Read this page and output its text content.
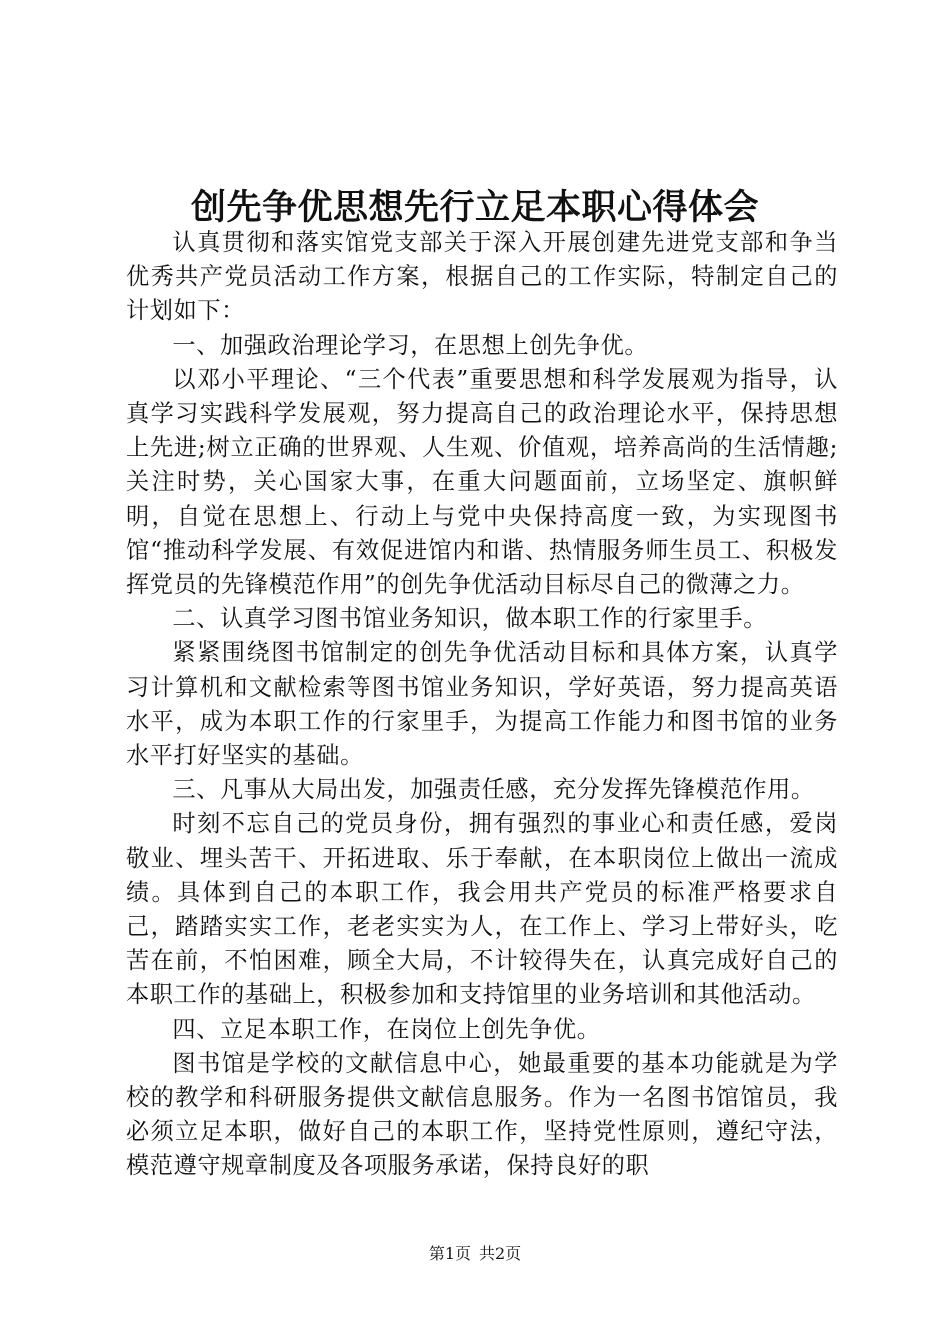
创先争优思想先行立足本职心得体会

认真贯彻和落实馆党支部关于深入开展创建先进党支部和争当优秀共产党员活动工作方案，根据自己的工作实际，特制定自己的计划如下：

一、加强政治理论学习，在思想上创先争优。

以邓小平理论、“三个代表”重要思想和科学发展观为指导，认真学习实践科学发展观，努力提高自己的政治理论水平，保持思想上先进;树立正确的世界观、人生观、价值观，培养高尚的生活情趣;关注时势，关心国家大事，在重大问题面前，立场坚定、旗帜鲜明，自觉在思想上、行动上与党中央保持高度一致，为实现图书馆“推动科学发展、有效促进馆内和谐、热情服务师生员工、积极发挥党员的先锋模范作用”的创先争优活动目标尽自己的微薄之力。

二、认真学习图书馆业务知识，做本职工作的行家里手。

紧紧围绕图书馆制定的创先争优活动目标和具体方案，认真学习计算机和文献检索等图书馆业务知识，学好英语，努力提高英语水平，成为本职工作的行家里手，为提高工作能力和图书馆的业务水平打好坚实的基础。

三、凡事从大局出发，加强责任感，充分发挥先锋模范作用。

时刻不忘自己的党员身份，拥有强烈的事业心和责任感，爱岗敬业、埋头苦干、开拓进取、乐于奉献，在本职岗位上做出一流成绩。具体到自己的本职工作，我会用共产党员的标准严格要求自己，踏踏实实工作，老老实实为人，在工作上、学习上带好头，吃苦在前，不怕困难，顾全大局，不计较得失在，认真完成好自己的本职工作的基础上，积极参加和支持馆里的业务培训和其他活动。

四、立足本职工作，在岗位上创先争优。

图书馆是学校的文献信息中心，她最重要的基本功能就是为学校的教学和科研服务提供文献信息服务。作为一名图书馆馆员，我必须立足本职，做好自己的本职工作，坚持党性原则，遵纪守法，模范遵守规章制度及各项服务承诺，保持良好的职

第1页 共2页
